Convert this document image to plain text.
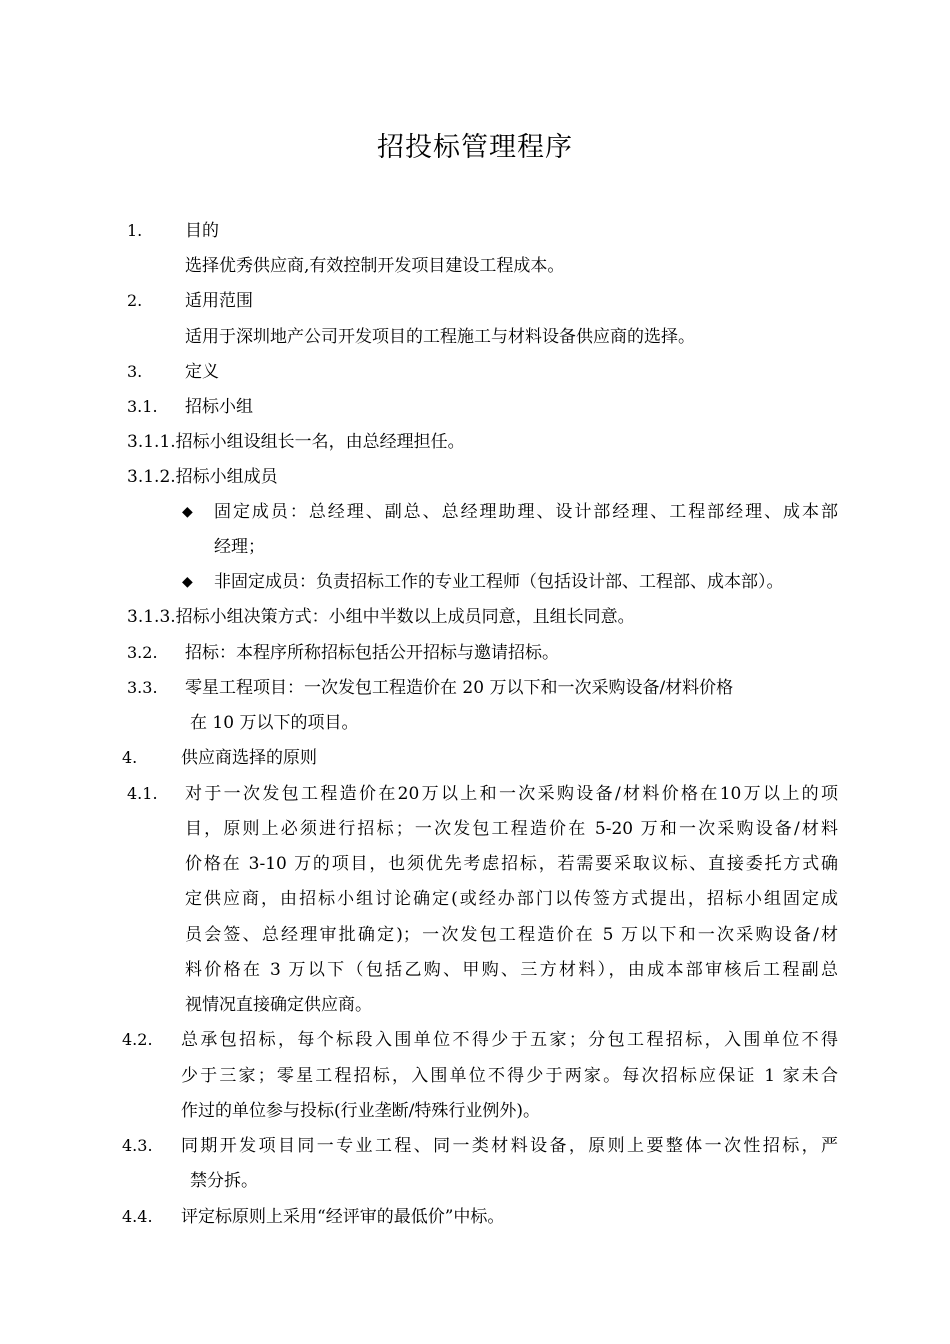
招投标管理程序
1.	目的
选择优秀供应商,有效控制开发项目建设工程成本。
2.	适用范围
适用于深圳地产公司开发项目的工程施工与材料设备供应商的选择。
3.	定义
3.1. 招标小组
3.1.1.招标小组设组长一名，由总经理担任。
3.1.2.招标小组成员
◆ 固定成员：总经理、副总、总经理助理、设计部经理、工程部经理、成本部
经理；
◆ 非固定成员：负责招标工作的专业工程师（包括设计部、工程部、成本部）。
3.1.3.招标小组决策方式：小组中半数以上成员同意，且组长同意。
3.2. 招标：本程序所称招标包括公开招标与邀请招标。
3.3. 零星工程项目：一次发包工程造价在 20 万以下和一次采购设备/材料价格
在 10 万以下的项目。
4.	供应商选择的原则
4.1. 对于一次发包工程造价在20万以上和一次采购设备/材料价格在10万以上的项
目，原则上必须进行招标；一次发包工程造价在 5-20 万和一次采购设备/材料
价格在 3-10 万的项目，也须优先考虑招标，若需要采取议标、直接委托方式确
定供应商，由招标小组讨论确定(或经办部门以传签方式提出，招标小组固定成
员会签、总经理审批确定)；一次发包工程造价在 5 万以下和一次采购设备/材
料价格在 3 万以下（包括乙购、甲购、三方材料），由成本部审核后工程副总
视情况直接确定供应商。
4.2. 总承包招标，每个标段入围单位不得少于五家；分包工程招标，入围单位不得
少于三家；零星工程招标，入围单位不得少于两家。每次招标应保证 1 家未合
作过的单位参与投标(行业垄断/特殊行业例外)。
4.3. 同期开发项目同一专业工程、同一类材料设备，原则上要整体一次性招标，严
禁分拆。
4.4. 评定标原则上采用“经评审的最低价”中标。
